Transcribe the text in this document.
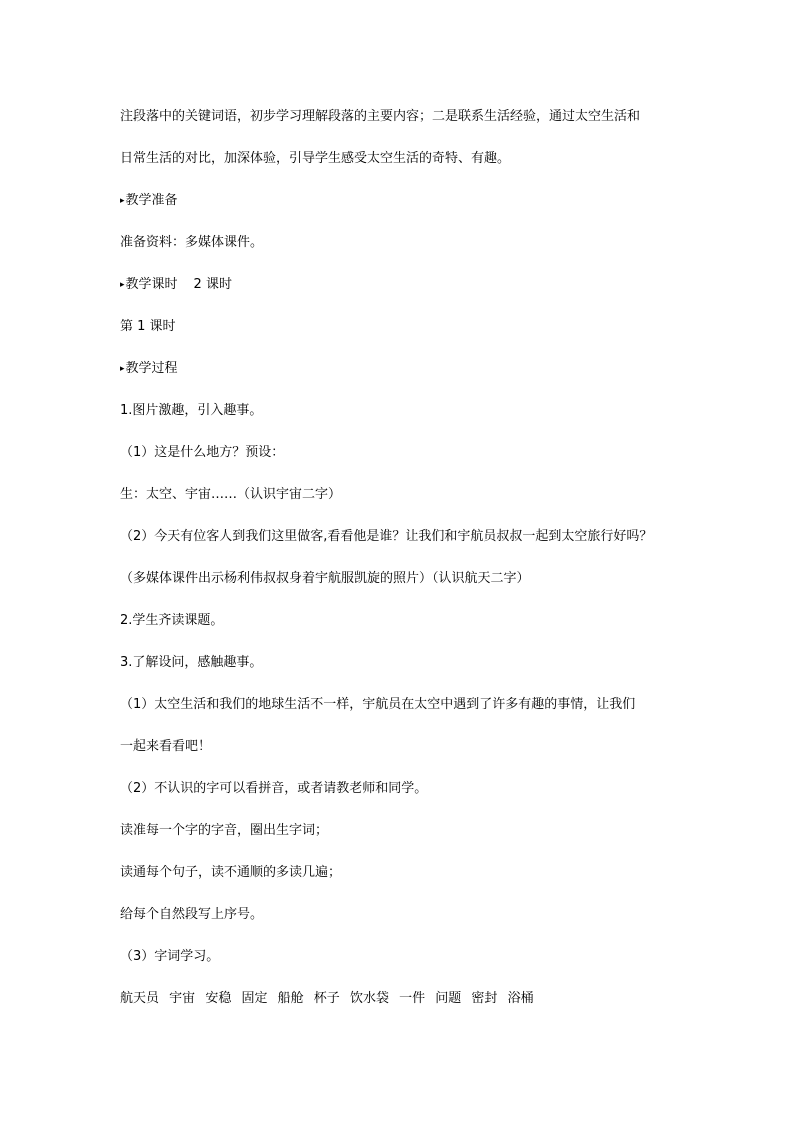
注段落中的关键词语，初步学习理解段落的主要内容；二是联系生活经验，通过太空生活和
日常生活的对比，加深体验，引导学生感受太空生活的奇特、有趣。
▸教学准备
准备资料：多媒体课件。
▸教学课时 2 课时
第 1 课时
▸教学过程
1.图片激趣，引入趣事。
（1）这是什么地方？预设：
生：太空、宇宙……（认识宇宙二字）
（2）今天有位客人到我们这里做客,看看他是谁？让我们和宇航员叔叔一起到太空旅行好吗？
（多媒体课件出示杨利伟叔叔身着宇航服凯旋的照片）（认识航天二字）
2.学生齐读课题。
3.了解设问，感触趣事。
（1）太空生活和我们的地球生活不一样，宇航员在太空中遇到了许多有趣的事情，让我们
一起来看看吧！
（2）不认识的字可以看拼音，或者请教老师和同学。
读准每一个字的字音，圈出生字词；
读通每个句子，读不通顺的多读几遍；
给每个自然段写上序号。
（3）字词学习。
航天员 宇宙 安稳 固定 船舱 杯子 饮水袋 一件 问题 密封 浴桶
